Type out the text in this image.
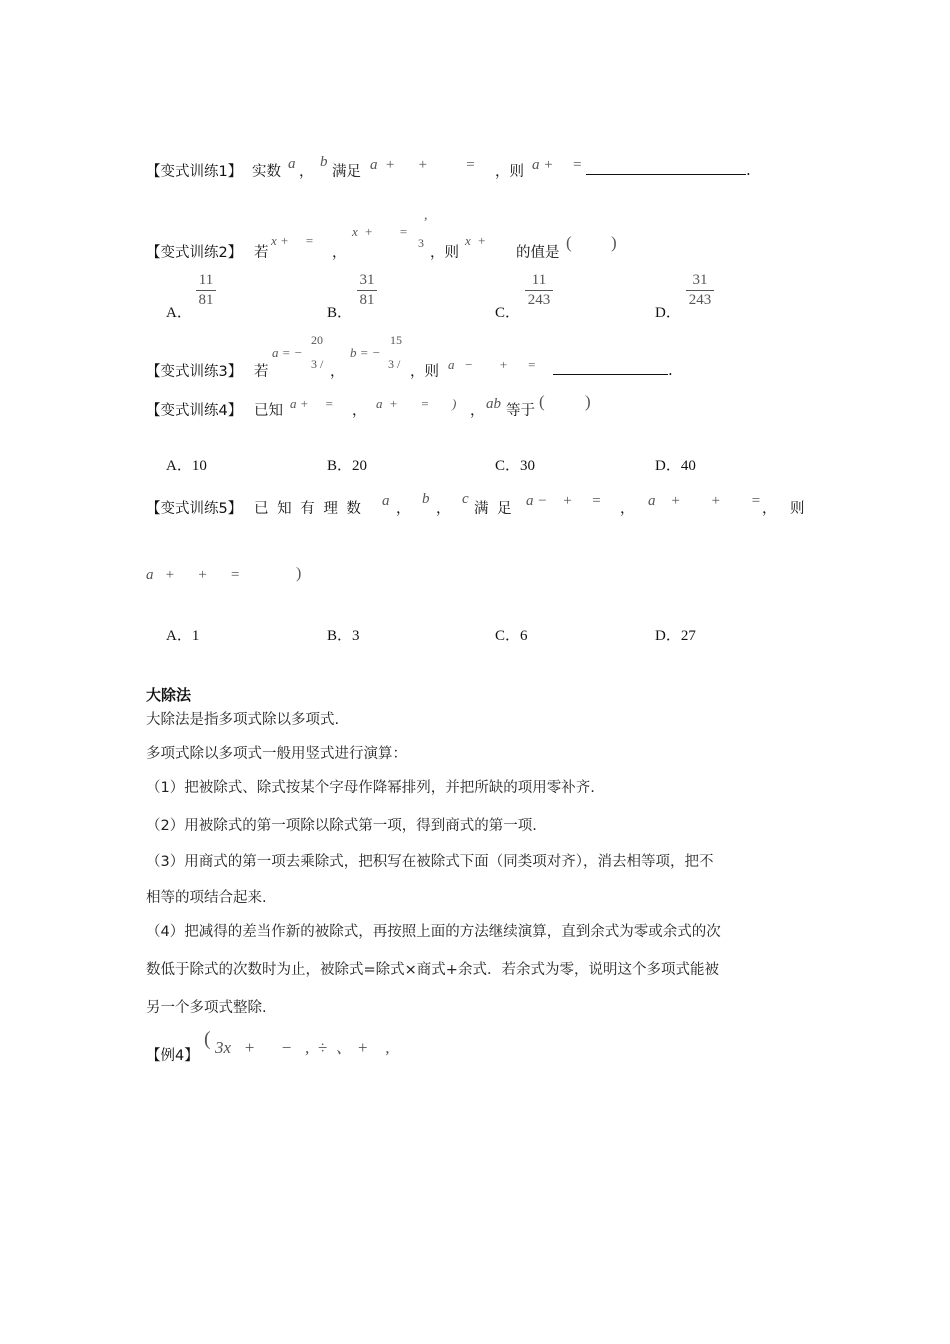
【变式训练1】 实数 a ，
b
满足 a  +      +          = ，则 a +     =	.
,
【变式训练2】 若
x +     =
，
x  +        =
3
，则
x  +
的值是
( )
A．
11
81
B．
31
81
C．
11
243
D．
31
243
【变式训练3】 若
a = −
20
3 / ，
b = −
15
3 / ，则 a   −        +      =	.
【变式训练4】 已知 a +     = ， a  +       =       ) ， ab 等于 ( )
A．10	B．20	C．30	D．40
【变式训练5】 已 知 有 理 数 a ，
b
，
c
满 足 a −    +     = ， a    +        +        = ， 则
a   +      +      =	)
A．1	B．3	C．6	D．27
大除法
大除法是指多项式除以多项式.
多项式除以多项式一般用竖式进行演算：
（1）把被除式、除式按某个字母作降幂排列，并把所缺的项用零补齐.
（2）用被除式的第一项除以除式第一项，得到商式的第一项.
（3）用商式的第一项去乘除式，把积写在被除式下面（同类项对齐），消去相等项，把不
相等的项结合起来.
（4）把减得的差当作新的被除式，再按照上面的方法继续演算，直到余式为零或余式的次
数低于除式的次数时为止，被除式=除式×商式+余式．若余式为零，说明这个多项式能被
另一个多项式整除.
【例4】
( 3x   +      −   ,  ÷  、 +    ,
